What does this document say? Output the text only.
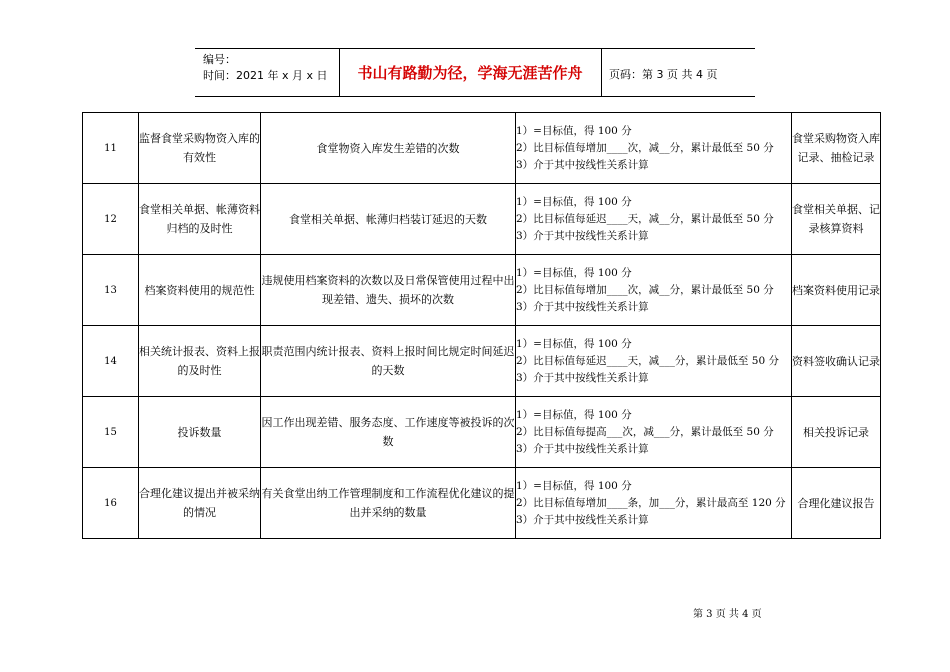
编号：
时间：2021 年 x 月 x 日	书山有路勤为径，学海无涯苦作舟	页码：第 3 页 共 4 页
11	监督食堂采购物资入库的有效性	食堂物资入库发生差错的次数	1）=目标值，得 100 分
2）比目标值每增加____次，减__分，累计最低至 50 分
3）介于其中按线性关系计算	食堂采购物资入库记录、抽检记录
12	食堂相关单据、帐薄资料归档的及时性	食堂相关单据、帐薄归档装订延迟的天数	1）=目标值，得 100 分
2）比目标值每延迟____天，减__分，累计最低至 50 分
3）介于其中按线性关系计算	食堂相关单据、记录核算资料
13	档案资料使用的规范性	违规使用档案资料的次数以及日常保管使用过程中出现差错、遗失、损坏的次数	1）=目标值，得 100 分
2）比目标值每增加____次，减__分，累计最低至 50 分
3）介于其中按线性关系计算	档案资料使用记录
14	相关统计报表、资料上报的及时性	职责范围内统计报表、资料上报时间比规定时间延迟的天数	1）=目标值，得 100 分
2）比目标值每延迟____天，减___分，累计最低至 50 分
3）介于其中按线性关系计算	资料签收确认记录
15	投诉数量	因工作出现差错、服务态度、工作速度等被投诉的次数	1）=目标值，得 100 分
2）比目标值每提高___次，减___分，累计最低至 50 分
3）介于其中按线性关系计算	相关投诉记录
16	合理化建议提出并被采纳的情况	有关食堂出纳工作管理制度和工作流程优化建议的提出并采纳的数量	1）=目标值，得 100 分
2）比目标值每增加____条，加___分，累计最高至 120 分
3）介于其中按线性关系计算	合理化建议报告
第 3 页 共 4 页
